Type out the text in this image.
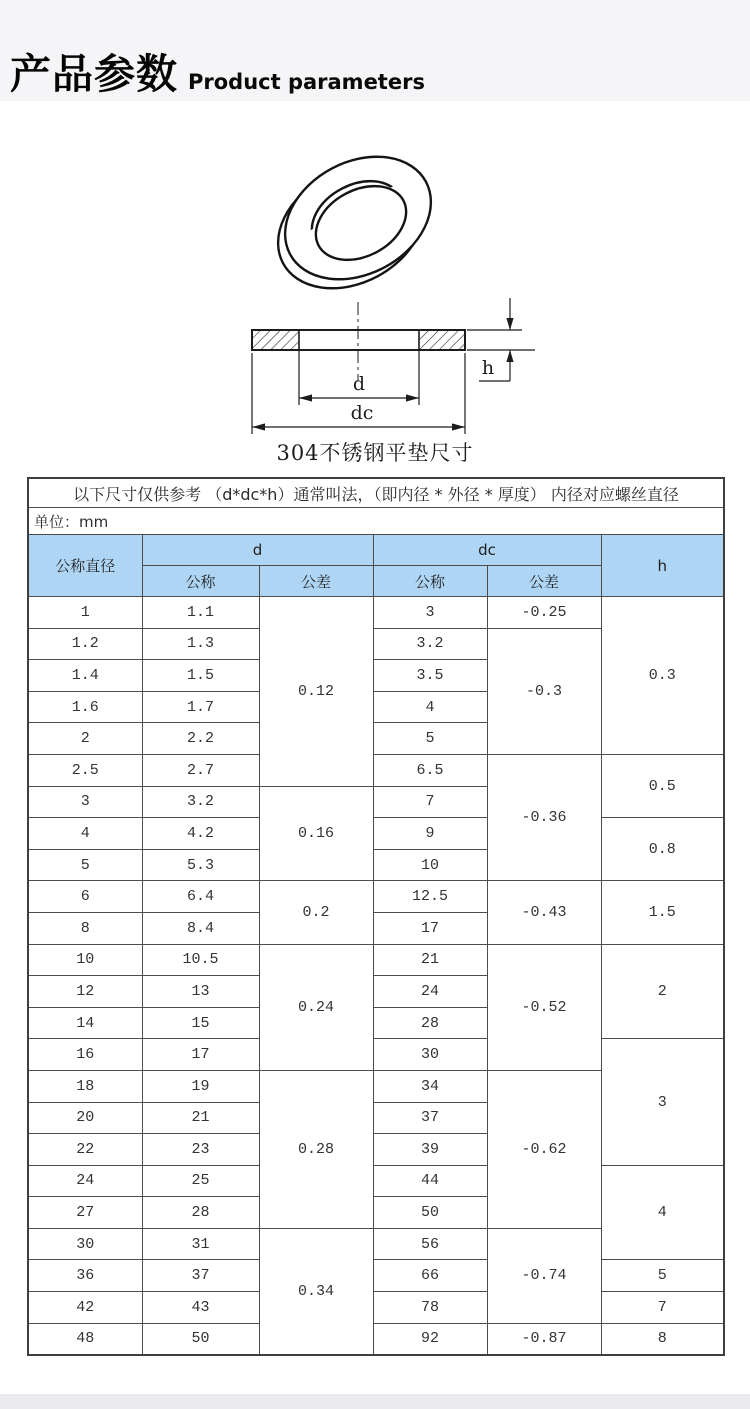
产品参数 Product parameters
d
dc
h
304不锈钢平垫尺寸
以下尺寸仅供参考 （d*dc*h）通常叫法，（即内径 * 外径 * 厚度） 内径对应螺丝直径					
单位：mm					
公称直径	d		dc		h
	公称	公差	公称	公差	
1	1.1	0.12	3	-0.25	0.3
1.2	1.3		3.2	-0.3	
1.4	1.5		3.5		
1.6	1.7		4		
2	2.2		5		
2.5	2.7		6.5	-0.36	0.5
3	3.2	0.16	7		
4	4.2		9		0.8
5	5.3		10		
6	6.4	0.2	12.5	-0.43	1.5
8	8.4		17		
10	10.5	0.24	21	-0.52	2
12	13		24		
14	15		28		
16	17		30		3
18	19	0.28	34	-0.62	
20	21		37		
22	23		39		
24	25		44		4
27	28		50		
30	31	0.34	56	-0.74	
36	37		66		5
42	43		78		7
48	50		92	-0.87	8
